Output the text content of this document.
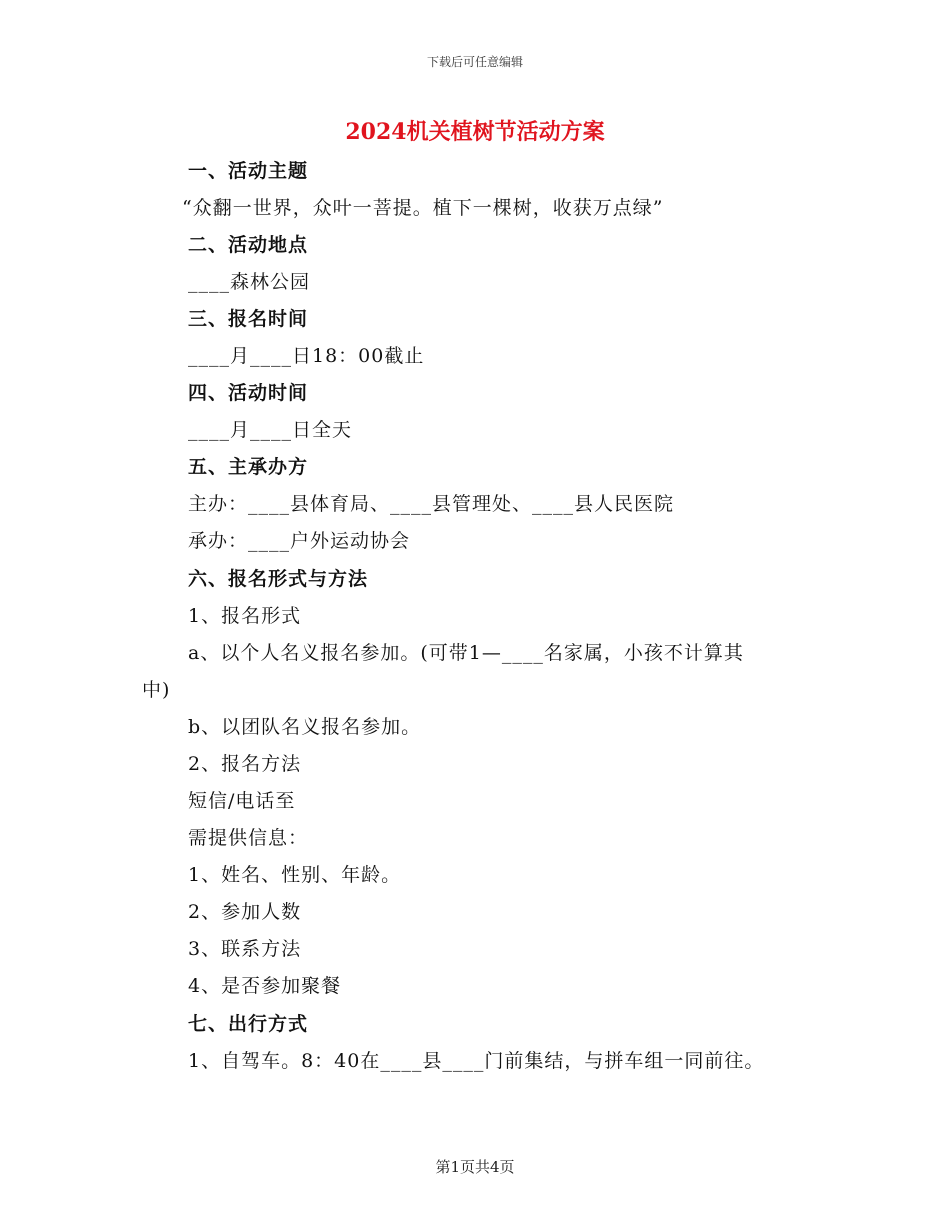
下载后可任意编辑
2024机关植树节活动方案
一、活动主题
“众翻一世界，众叶一菩提。植下一棵树，收获万点绿”
二、活动地点
____森林公园
三、报名时间
____月____日18：00截止
四、活动时间
____月____日全天
五、主承办方
主办：____县体育局、____县管理处、____县人民医院
承办：____户外运动协会
六、报名形式与方法
1、报名形式
a、以个人名义报名参加。(可带1—____名家属，小孩不计算其
中)
b、以团队名义报名参加。
2、报名方法
短信/电话至
需提供信息：
1、姓名、性别、年龄。
2、参加人数
3、联系方法
4、是否参加聚餐
七、出行方式
1、自驾车。8：40在____县____门前集结，与拼车组一同前往。
第1页共4页
